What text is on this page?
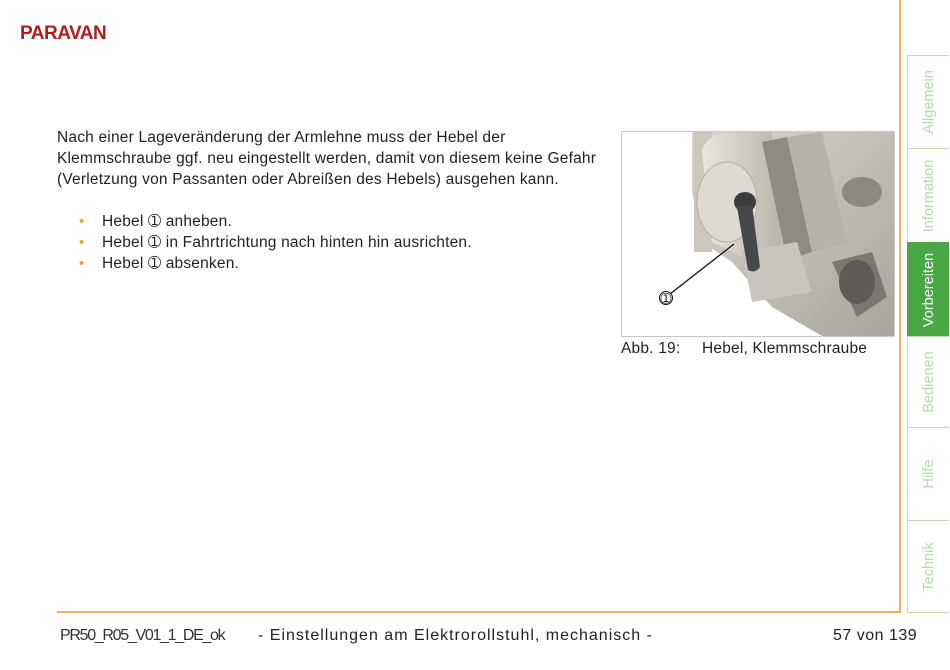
PARAVAN

Nach einer Lageveränderung der Armlehne muss der Hebel der Klemmschraube ggf. neu eingestellt werden, damit von diesem keine Gefahr (Verletzung von Passanten oder Abreißen des Hebels) ausgehen kann.

• Hebel ➀ anheben.
• Hebel ➀ in Fahrtrichtung nach hinten hin ausrichten.
• Hebel ➀ absenken.
➀
Abb. 19: Hebel, Klemmschraube
Allgemein
Information
Vorbereiten
Bedienen
Hilfe
Technik
PR50_R05_V01_1_DE_ok - Einstellungen am Elektrorollstuhl, mechanisch -	57 von 139
